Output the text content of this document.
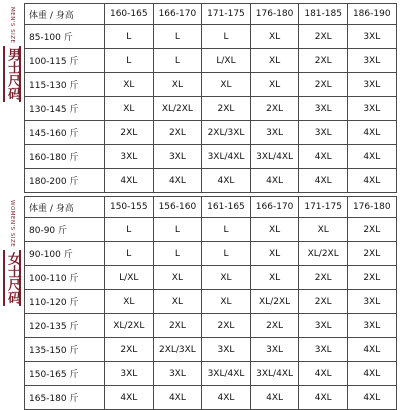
MEN'S SIZE
男士尺码
体重 / 身高	160-165	166-170	171-175	176-180	181-185	186-190
85-100 斤	L	L	L	XL	2XL	3XL
100-115 斤	L	L	L/XL	XL	2XL	3XL
115-130 斤	XL	XL	XL	XL	2XL	3XL
130-145 斤	XL	XL/2XL	2XL	2XL	3XL	3XL
145-160 斤	2XL	2XL	2XL/3XL	3XL	3XL	4XL
160-180 斤	3XL	3XL	3XL/4XL	3XL/4XL	4XL	4XL
180-200 斤	4XL	4XL	4XL	4XL	4XL	4XL
WOMEN'S SIZE
女士尺码
体重 / 身高	150-155	156-160	161-165	166-170	171-175	176-180
80-90 斤	L	L	L	XL	XL	2XL
90-100 斤	L	L	L	XL	XL/2XL	2XL
100-110 斤	L/XL	XL	XL	XL	2XL	2XL
110-120 斤	XL	XL	XL	XL/2XL	2XL	3XL
120-135 斤	XL/2XL	2XL	2XL	2XL	3XL	3XL
135-150 斤	2XL	2XL/3XL	3XL	3XL	3XL	4XL
150-165 斤	3XL	3XL	3XL/4XL	3XL/4XL	4XL	4XL
165-180 斤	4XL	4XL	4XL	4XL	4XL	4XL
